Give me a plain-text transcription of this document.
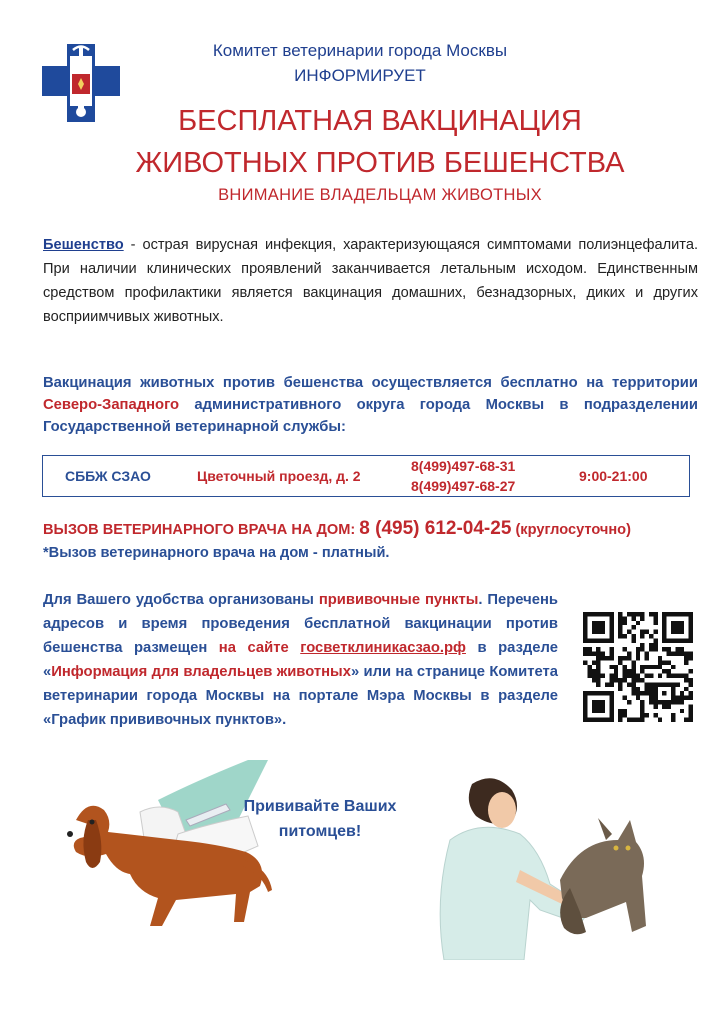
Комитет ветеринарии города Москвы
ИНФОРМИРУЕТ
БЕСПЛАТНАЯ ВАКЦИНАЦИЯ
ЖИВОТНЫХ ПРОТИВ БЕШЕНСТВА
ВНИМАНИЕ ВЛАДЕЛЬЦАМ ЖИВОТНЫХ
Бешенство - острая вирусная инфекция, характеризующаяся симптомами полиэнцефалита. При наличии клинических проявлений заканчивается летальным исходом. Единственным средством профилактики является вакцинация домашних, безнадзорных, диких и других восприимчивых животных.
Вакцинация животных против бешенства осуществляется бесплатно на территории Северо-Западного административного округа города Москвы в подразделении Государственной ветеринарной службы:
СББЖ СЗАО	Цветочный проезд, д. 2
8(499)497-68-31
8(499)497-68-27
9:00-21:00
ВЫЗОВ ВЕТЕРИНАРНОГО ВРАЧА НА ДОМ: 8 (495) 612-04-25 (круглосуточно)
*Вызов ветеринарного врача на дом - платный.
Для Вашего удобства организованы прививочные пункты. Перечень адресов и время проведения бесплатной вакцинации против бешенства размещен на сайте госветклиникасзао.рф в разделе «Информация для владельцев животных» или на странице Комитета ветеринарии города Москвы на портале Мэра Москвы в разделе «График прививочных пунктов».
Прививайте Ваших
питомцев!
